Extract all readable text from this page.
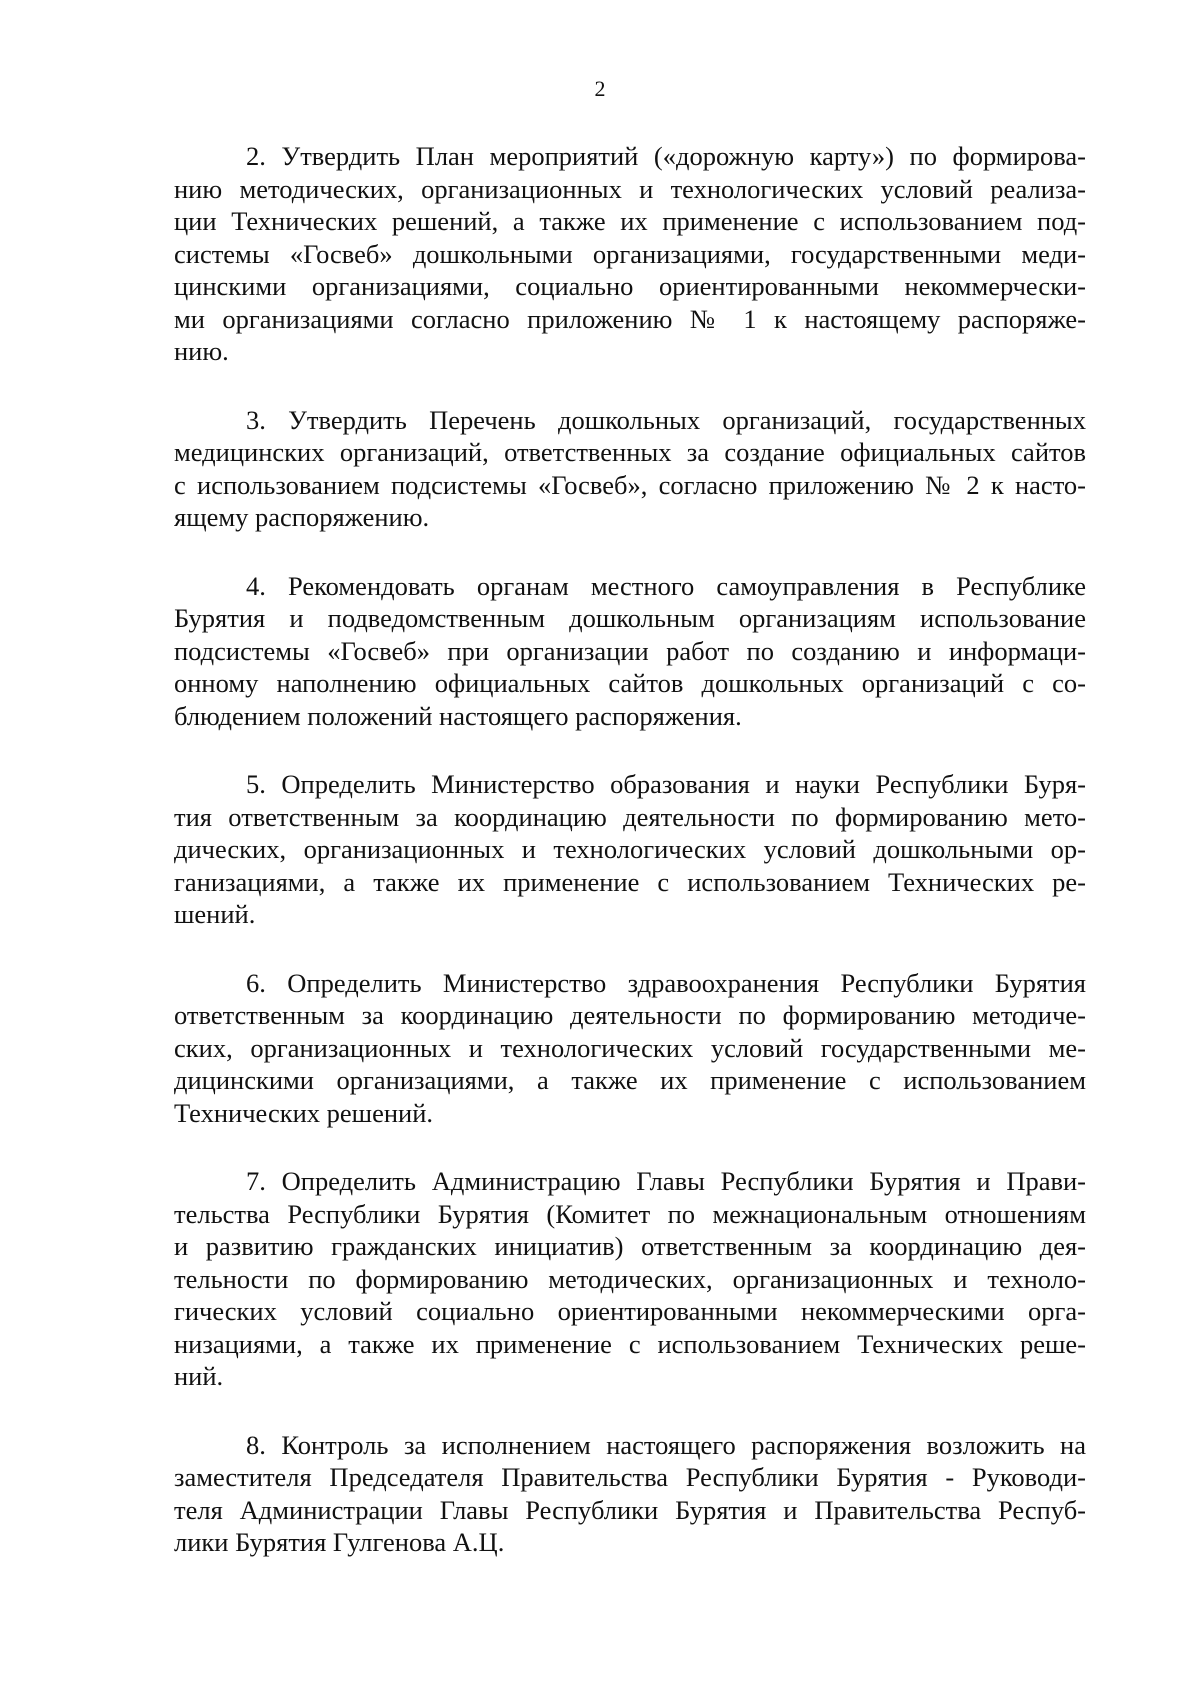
2
2. Утвердить План мероприятий («дорожную карту») по формирова-
нию методических, организационных и технологических условий реализа-
ции Технических решений, а также их применение с использованием под-
системы «Госвеб» дошкольными организациями, государственными меди-
цинскими организациями, социально ориентированными некоммерчески-
ми организациями согласно приложению № 1 к настоящему распоряже-
нию.
3. Утвердить Перечень дошкольных организаций, государственных
медицинских организаций, ответственных за создание официальных сайтов
с использованием подсистемы «Госвеб», согласно приложению № 2 к насто-
ящему распоряжению.
4. Рекомендовать органам местного самоуправления в Республике
Бурятия и подведомственным дошкольным организациям использование
подсистемы «Госвеб» при организации работ по созданию и информаци-
онному наполнению официальных сайтов дошкольных организаций с со-
блюдением положений настоящего распоряжения.
5. Определить Министерство образования и науки Республики Буря-
тия ответственным за координацию деятельности по формированию мето-
дических, организационных и технологических условий дошкольными ор-
ганизациями, а также их применение с использованием Технических ре-
шений.
6. Определить Министерство здравоохранения Республики Бурятия
ответственным за координацию деятельности по формированию методиче-
ских, организационных и технологических условий государственными ме-
дицинскими организациями, а также их применение с использованием
Технических решений.
7. Определить Администрацию Главы Республики Бурятия и Прави-
тельства Республики Бурятия (Комитет по межнациональным отношениям
и развитию гражданских инициатив) ответственным за координацию дея-
тельности по формированию методических, организационных и техноло-
гических условий социально ориентированными некоммерческими орга-
низациями, а также их применение с использованием Технических реше-
ний.
8. Контроль за исполнением настоящего распоряжения возложить на
заместителя Председателя Правительства Республики Бурятия - Руководи-
теля Администрации Главы Республики Бурятия и Правительства Респуб-
лики Бурятия Гулгенова А.Ц.
